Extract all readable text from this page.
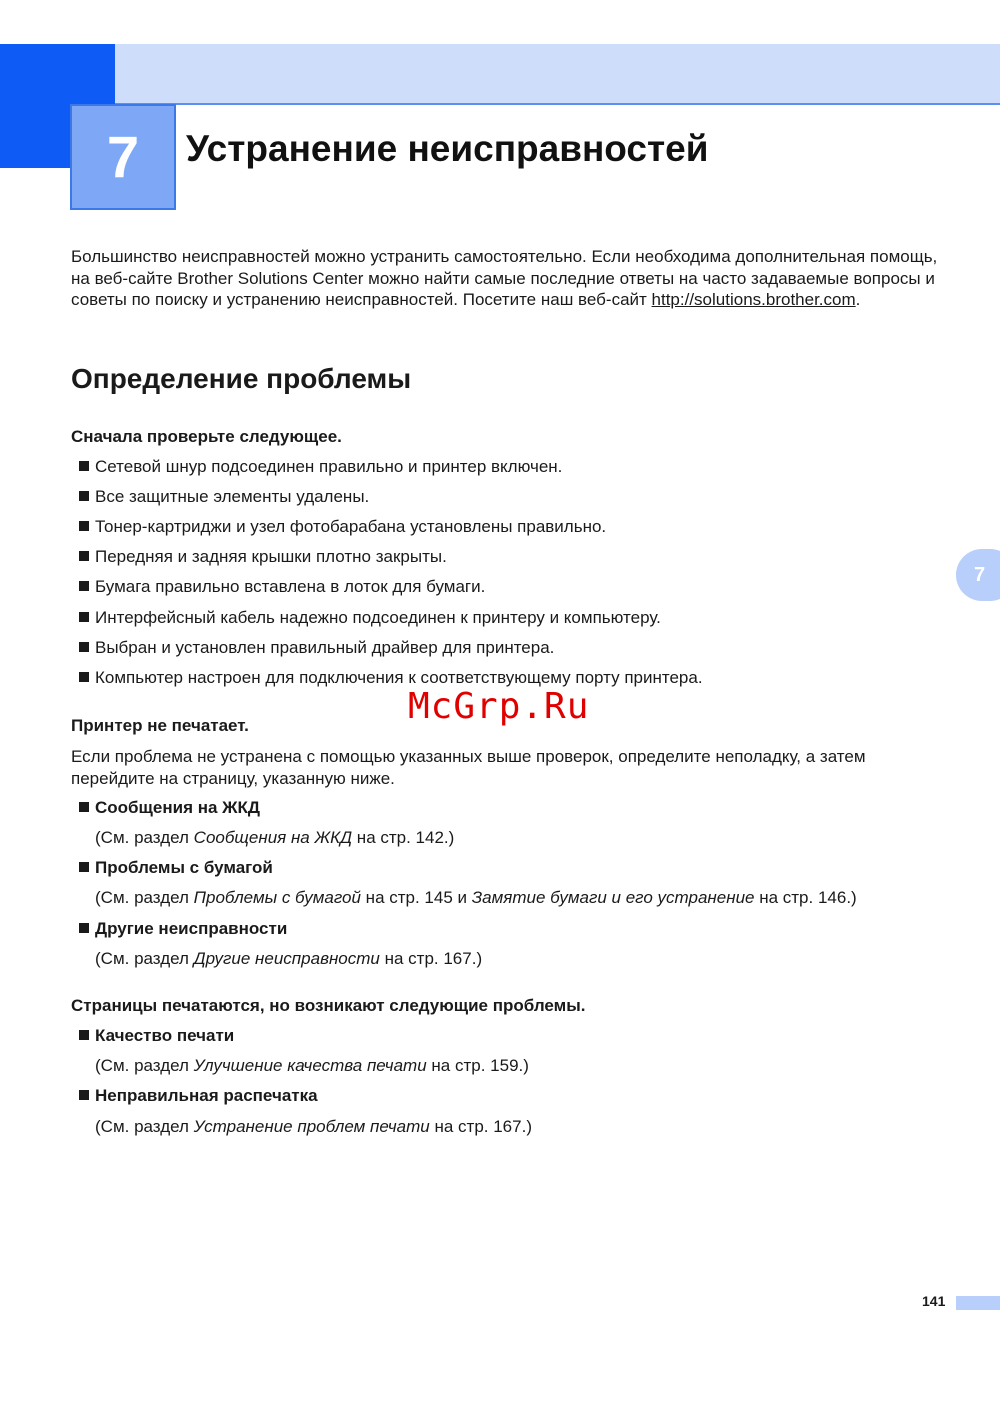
7 Устранение неисправностей
Большинство неисправностей можно устранить самостоятельно. Если необходима дополнительная помощь, на веб-сайте Brother Solutions Center можно найти самые последние ответы на часто задаваемые вопросы и советы по поиску и устранению неисправностей. Посетите наш веб-сайт http://solutions.brother.com.
Определение проблемы
Сначала проверьте следующее.
Сетевой шнур подсоединен правильно и принтер включен.
Все защитные элементы удалены.
Тонер-картриджи и узел фотобарабана установлены правильно.
Передняя и задняя крышки плотно закрыты.
Бумага правильно вставлена в лоток для бумаги.
Интерфейсный кабель надежно подсоединен к принтеру и компьютеру.
Выбран и установлен правильный драйвер для принтера.
Компьютер настроен для подключения к соответствующему порту принтера.
McGrp.Ru
Принтер не печатает.
Если проблема не устранена с помощью указанных выше проверок, определите неполадку, а затем перейдите на страницу, указанную ниже.
Сообщения на ЖКД
(См. раздел Сообщения на ЖКД на стр. 142.)
Проблемы с бумагой
(См. раздел Проблемы с бумагой на стр. 145 и Замятие бумаги и его устранение на стр. 146.)
Другие неисправности
(См. раздел Другие неисправности на стр. 167.)
Страницы печатаются, но возникают следующие проблемы.
Качество печати
(См. раздел Улучшение качества печати на стр. 159.)
Неправильная распечатка
(См. раздел Устранение проблем печати на стр. 167.)
7
141
